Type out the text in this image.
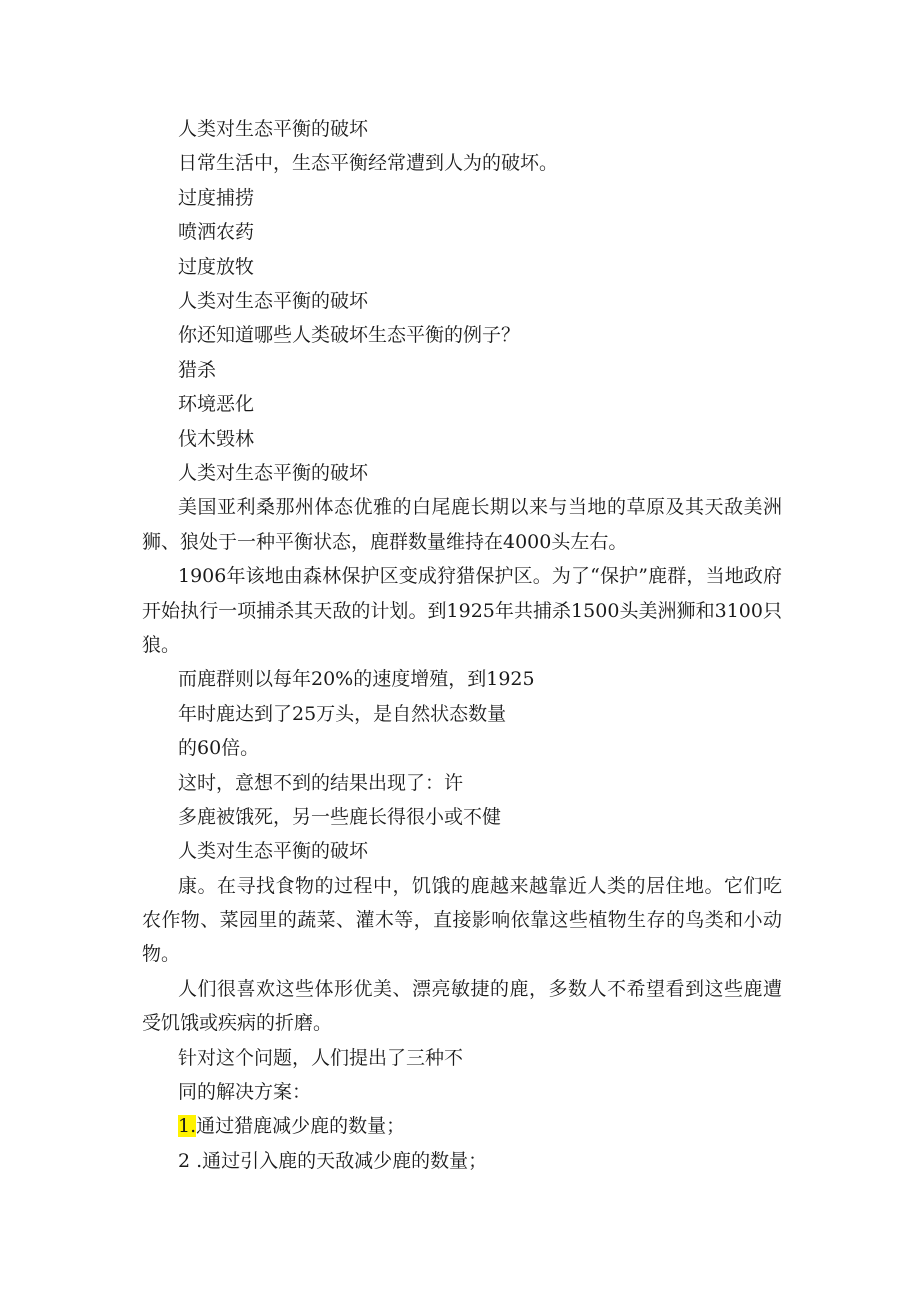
人类对生态平衡的破坏

日常生活中，生态平衡经常遭到人为的破坏。

过度捕捞

喷洒农药

过度放牧

人类对生态平衡的破坏

你还知道哪些人类破坏生态平衡的例子？

猎杀

环境恶化

伐木毁林

人类对生态平衡的破坏

美国亚利桑那州体态优雅的白尾鹿长期以来与当地的草原及其天敌美洲狮、狼处于一种平衡状态，鹿群数量维持在4000头左右。

1906年该地由森林保护区变成狩猎保护区。为了“保护”鹿群，当地政府开始执行一项捕杀其天敌的计划。到1925年共捕杀1500头美洲狮和3100只狼。

而鹿群则以每年20%的速度增殖，到1925

年时鹿达到了25万头，是自然状态数量

的60倍。

这时，意想不到的结果出现了：许

多鹿被饿死，另一些鹿长得很小或不健

人类对生态平衡的破坏

康。在寻找食物的过程中，饥饿的鹿越来越靠近人类的居住地。它们吃农作物、菜园里的蔬菜、灌木等，直接影响依靠这些植物生存的鸟类和小动物。

人们很喜欢这些体形优美、漂亮敏捷的鹿，多数人不希望看到这些鹿遭受饥饿或疾病的折磨。

针对这个问题，人们提出了三种不

同的解决方案：

1.通过猎鹿减少鹿的数量；

2 .通过引入鹿的天敌减少鹿的数量；
